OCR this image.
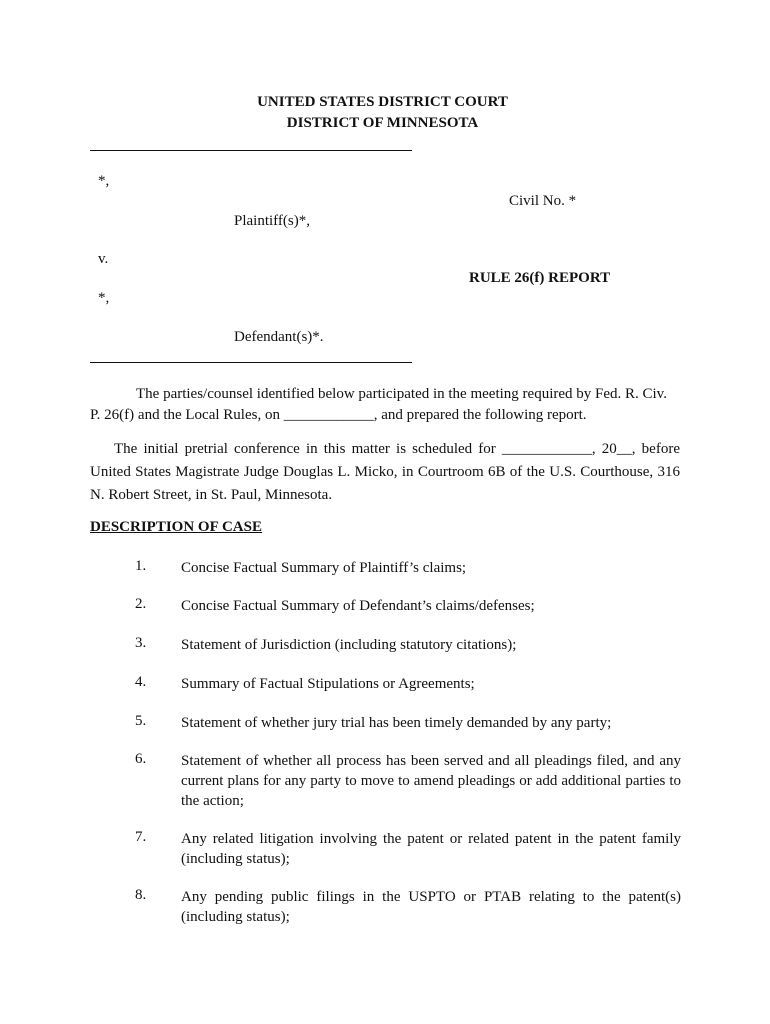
UNITED STATES DISTRICT COURT
DISTRICT OF MINNESOTA
*,
Plaintiff(s)*,
v.
*,
Defendant(s)*.
Civil No. *
RULE 26(f) REPORT
The parties/counsel identified below participated in the meeting required by Fed. R. Civ. P. 26(f) and the Local Rules, on ____________, and prepared the following report.
The initial pretrial conference in this matter is scheduled for ____________, 20__, before United States Magistrate Judge Douglas L. Micko, in Courtroom 6B of the U.S. Courthouse, 316 N. Robert Street, in St. Paul, Minnesota.
DESCRIPTION OF CASE
1. Concise Factual Summary of Plaintiff’s claims;
2. Concise Factual Summary of Defendant’s claims/defenses;
3. Statement of Jurisdiction (including statutory citations);
4. Summary of Factual Stipulations or Agreements;
5. Statement of whether jury trial has been timely demanded by any party;
6. Statement of whether all process has been served and all pleadings filed, and any current plans for any party to move to amend pleadings or add additional parties to the action;
7. Any related litigation involving the patent or related patent in the patent family (including status);
8. Any pending public filings in the USPTO or PTAB relating to the patent(s) (including status);
